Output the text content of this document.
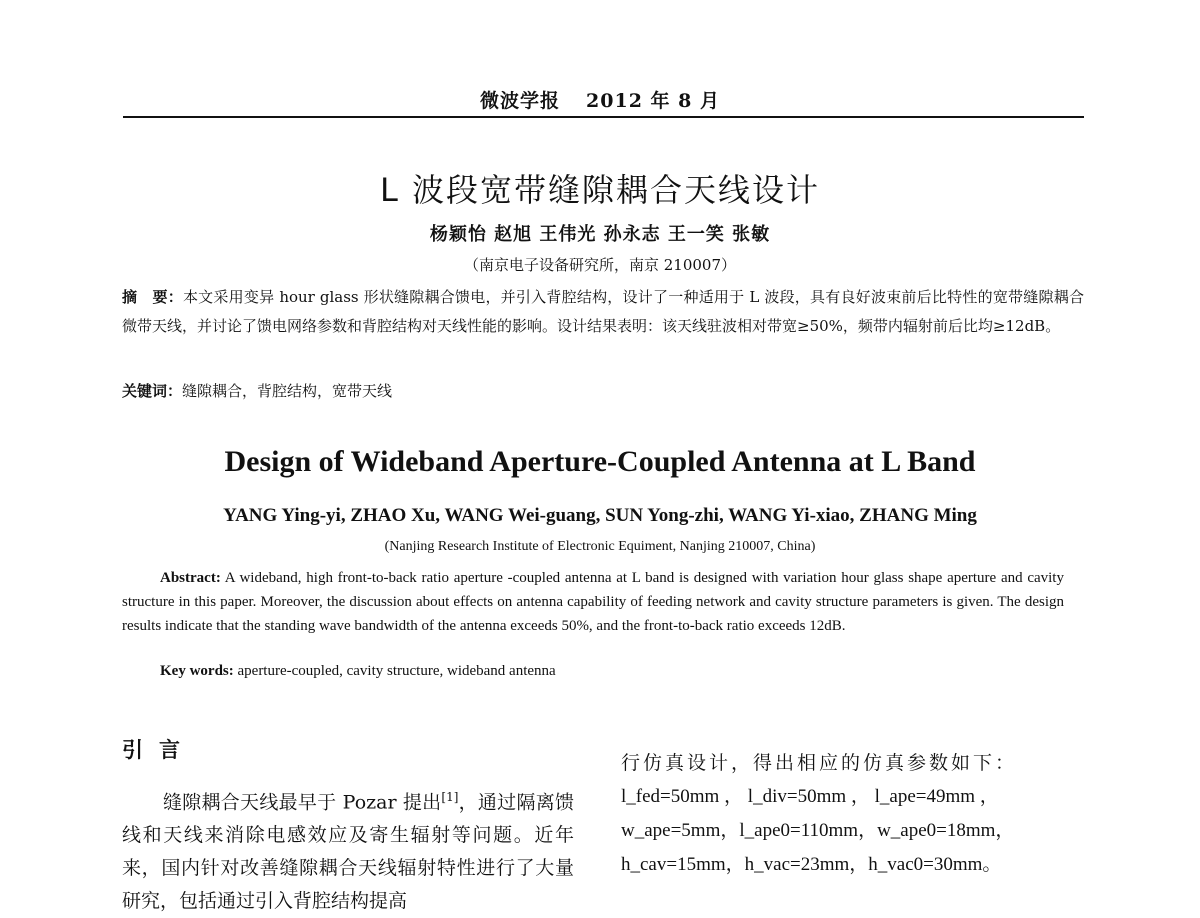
微波学报 2012 年 8 月
L 波段宽带缝隙耦合天线设计
杨颖怡 赵旭 王伟光 孙永志 王一笑 张敏
（南京电子设备研究所，南京 210007）
摘　要：本文采用变异 hour glass 形状缝隙耦合馈电，并引入背腔结构，设计了一种适用于 L 波段，具有良好波束前后比特性的宽带缝隙耦合微带天线，并讨论了馈电网络参数和背腔结构对天线性能的影响。设计结果表明：该天线驻波相对带宽≥50%，频带内辐射前后比均≥12dB。
关键词：缝隙耦合，背腔结构，宽带天线
Design of Wideband Aperture-Coupled Antenna at L Band
YANG Ying-yi, ZHAO Xu, WANG Wei-guang, SUN Yong-zhi, WANG Yi-xiao, ZHANG Ming
(Nanjing Research Institute of Electronic Equiment, Nanjing 210007, China)
Abstract: A wideband, high front-to-back ratio aperture -coupled antenna at L band is designed with variation hour glass shape aperture and cavity structure in this paper. Moreover, the discussion about effects on antenna capability of feeding network and cavity structure parameters is given. The design results indicate that the standing wave bandwidth of the antenna exceeds 50%, and the front-to-back ratio exceeds 12dB.
Key words: aperture-coupled, cavity structure, wideband antenna
引言
缝隙耦合天线最早于 Pozar 提出[1]，通过隔离馈线和天线来消除电感效应及寄生辐射等问题。近年来，国内针对改善缝隙耦合天线辐射特性进行了大量研究，包括通过引入背腔结构提高
行仿真设计，得出相应的仿真参数如下：
l_fed=50mm ， l_div=50mm ， l_ape=49mm ，
w_ape=5mm，l_ape0=110mm，w_ape0=18mm，
h_cav=15mm，h_vac=23mm，h_vac0=30mm。
